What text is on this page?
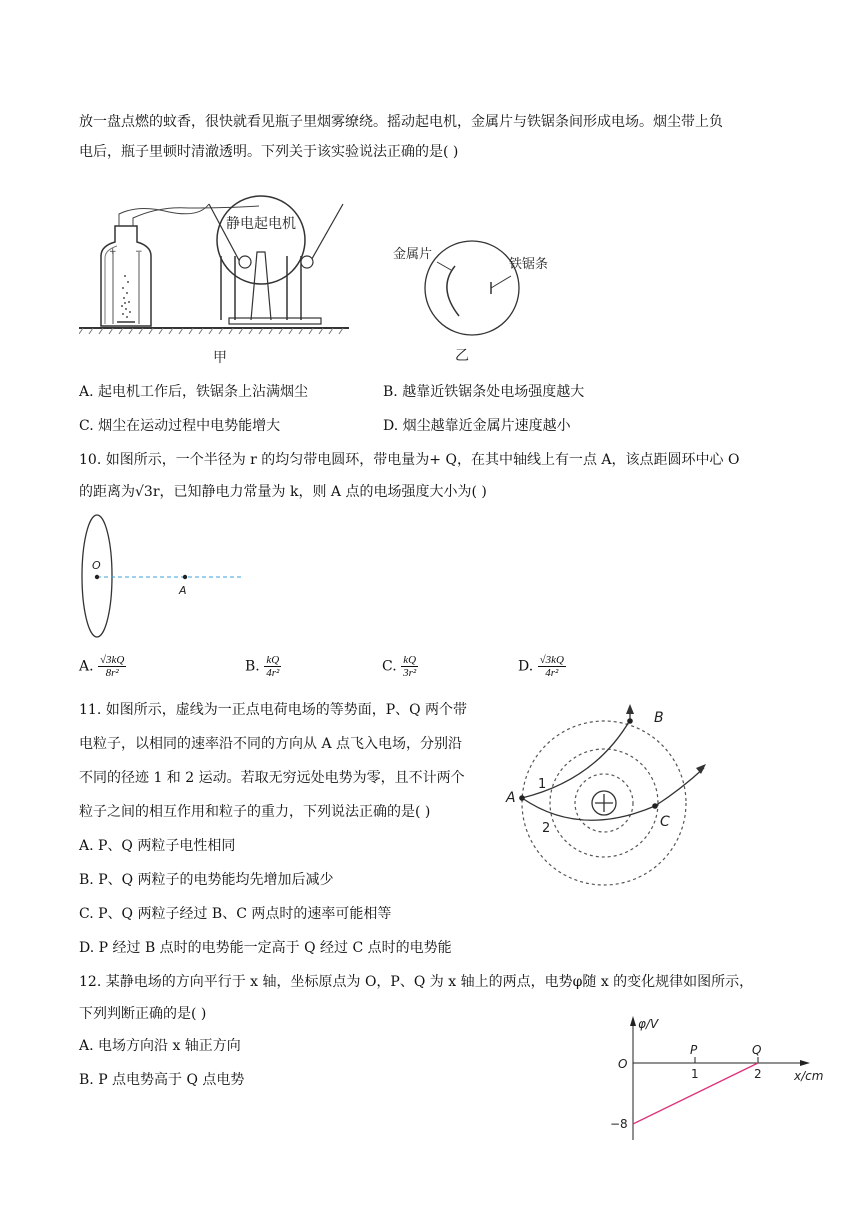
放一盘点燃的蚊香，很快就看见瓶子里烟雾缭绕。摇动起电机，金属片与铁锯条间形成电场。烟尘带上负
电后，瓶子里顿时清澈透明。下列关于该实验说法正确的是( )
+ −
静电起电机
甲
金属片
铁锯条
乙
A. 起电机工作后，铁锯条上沾满烟尘	B. 越靠近铁锯条处电场强度越大
C. 烟尘在运动过程中电势能增大	D. 烟尘越靠近金属片速度越小
10. 如图所示，一个半径为 r 的均匀带电圆环，带电量为+ Q，在其中轴线上有一点 A，该点距圆环中心 O
的距离为√3r，已知静电力常量为 k，则 A 点的电场强度大小为( )
O
A
A. $\frac{√3kQ}{\text{8r²}}$	B. $\frac{kQ}{\text{4r²}}$	C. $\frac{kQ}{\text{3r²}}$	D. $\frac{√3kQ}{\text{4r²}}$
11. 如图所示，虚线为一正点电荷电场的等势面，P、Q 两个带
电粒子，以相同的速率沿不同的方向从 A 点飞入电场，分别沿
不同的径迹 1 和 2 运动。若取无穷远处电势为零，且不计两个
粒子之间的相互作用和粒子的重力，下列说法正确的是( )
A. P、Q 两粒子电性相同
B. P、Q 两粒子的电势能均先增加后减少
C. P、Q 两粒子经过 B、C 两点时的速率可能相等
D. P 经过 B 点时的电势能一定高于 Q 经过 C 点时的电势能
A
B
C
1
2
12. 某静电场的方向平行于 x 轴，坐标原点为 O，P、Q 为 x 轴上的两点，电势φ随 x 的变化规律如图所示，
下列判断正确的是( )
A. 电场方向沿 x 轴正方向
B. P 点电势高于 Q 点电势
φ/V
x/cm
O
P	Q
1	2
−8
